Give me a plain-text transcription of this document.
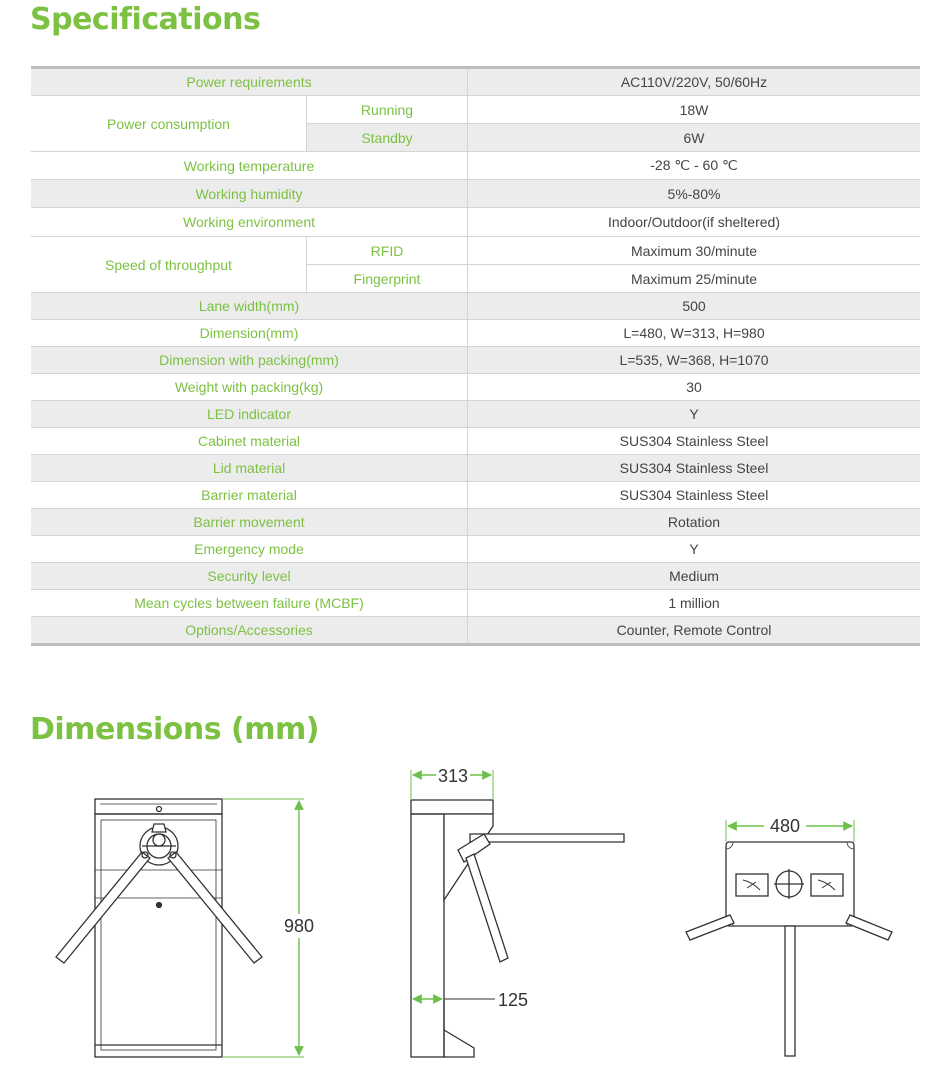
Specifications
Power requirements		AC110V/220V, 50/60Hz
Power consumption	Running	18W
	Standby	6W
Working temperature		-28 ℃ - 60 ℃
Working humidity		5%-80%
Working environment		Indoor/Outdoor(if sheltered)
Speed of throughput	RFID	Maximum 30/minute
	Fingerprint	Maximum 25/minute
Lane width(mm)		500
Dimension(mm)		L=480, W=313, H=980
Dimension with packing(mm)		L=535, W=368, H=1070
Weight with packing(kg)		30
LED indicator		Y
Cabinet material		SUS304 Stainless Steel
Lid material		SUS304 Stainless Steel
Barrier material		SUS304 Stainless Steel
Barrier movement		Rotation
Emergency mode		Y
Security level		Medium
Mean cycles between failure (MCBF)		1 million
Options/Accessories		Counter, Remote Control
Dimensions (mm)
980
313
125
480
